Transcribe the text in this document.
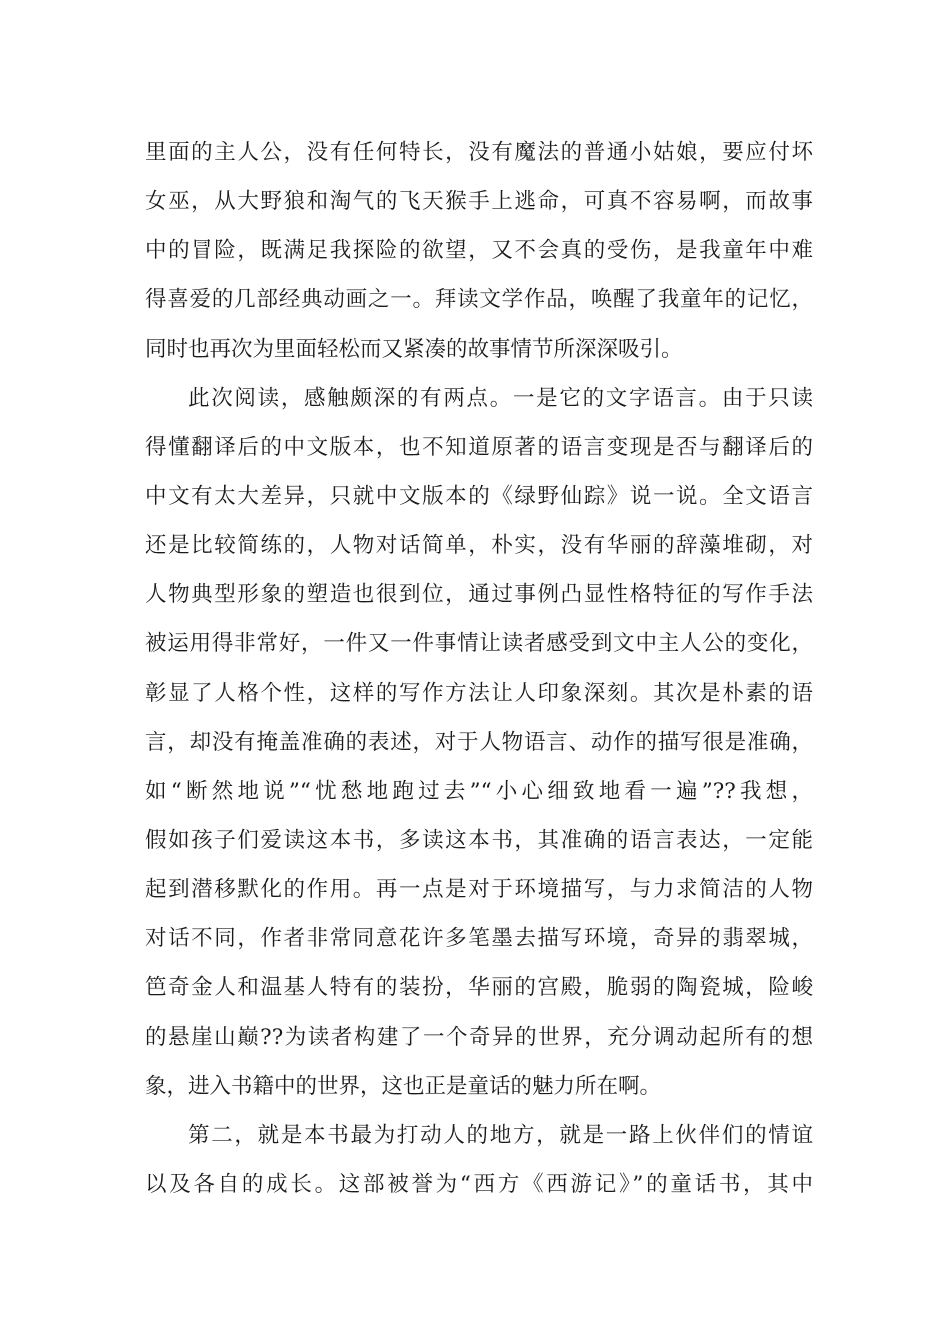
里面的主人公，没有任何特长，没有魔法的普通小姑娘，要应付坏
女巫，从大野狼和淘气的飞天猴手上逃命，可真不容易啊，而故事
中的冒险，既满足我探险的欲望，又不会真的受伤，是我童年中难
得喜爱的几部经典动画之一。拜读文学作品，唤醒了我童年的记忆，
同时也再次为里面轻松而又紧凑的故事情节所深深吸引。
此次阅读，感触颇深的有两点。一是它的文字语言。由于只读
得懂翻译后的中文版本，也不知道原著的语言变现是否与翻译后的
中文有太大差异，只就中文版本的《绿野仙踪》说一说。全文语言
还是比较简练的，人物对话简单，朴实，没有华丽的辞藻堆砌，对
人物典型形象的塑造也很到位，通过事例凸显性格特征的写作手法
被运用得非常好，一件又一件事情让读者感受到文中主人公的变化，
彰显了人格个性，这样的写作方法让人印象深刻。其次是朴素的语
言，却没有掩盖准确的表述，对于人物语言、动作的描写很是准确，
如“断然地说”“忧愁地跑过去”“小心细致地看一遍”??我想，
假如孩子们爱读这本书，多读这本书，其准确的语言表达，一定能
起到潜移默化的作用。再一点是对于环境描写，与力求简洁的人物
对话不同，作者非常同意花许多笔墨去描写环境，奇异的翡翠城，
笆奇金人和温基人特有的装扮，华丽的宫殿，脆弱的陶瓷城，险峻
的悬崖山巅??为读者构建了一个奇异的世界，充分调动起所有的想
象，进入书籍中的世界，这也正是童话的魅力所在啊。
第二，就是本书最为打动人的地方，就是一路上伙伴们的情谊
以及各自的成长。这部被誉为“西方《西游记》”的童话书，其中
